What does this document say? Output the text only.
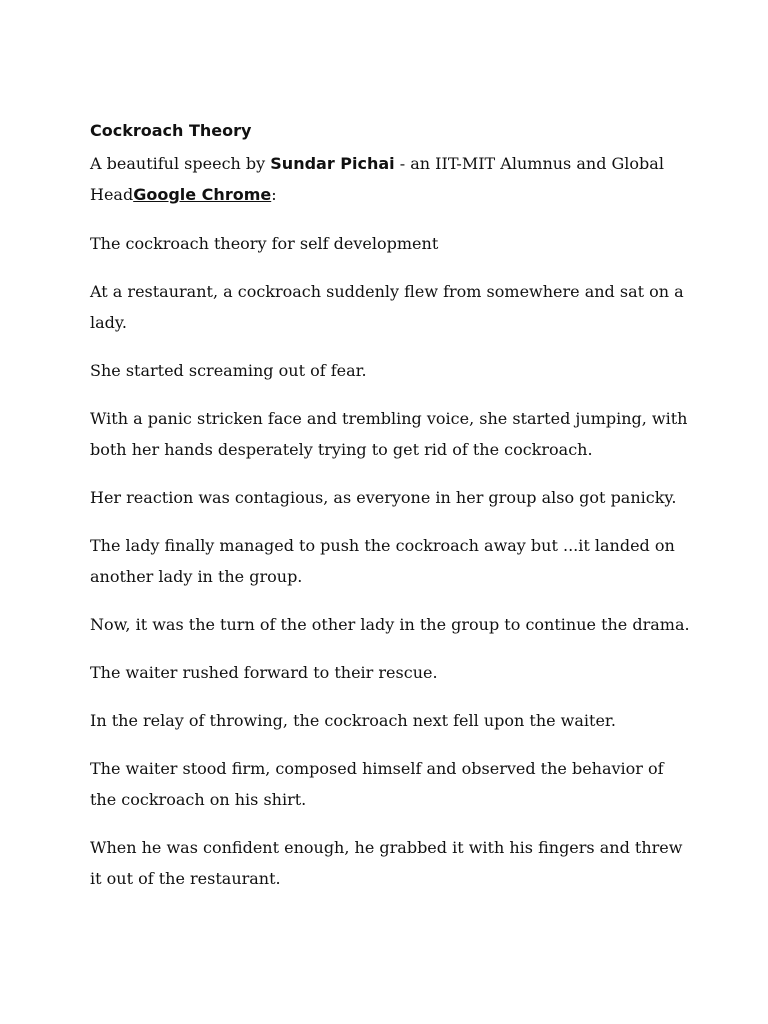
Cockroach Theory

A beautiful speech by Sundar Pichai - an IIT-MIT Alumnus and Global HeadGoogle Chrome:

The cockroach theory for self development

At a restaurant, a cockroach suddenly flew from somewhere and sat on a lady.

She started screaming out of fear.

With a panic stricken face and trembling voice, she started jumping, with both her hands desperately trying to get rid of the cockroach.

Her reaction was contagious, as everyone in her group also got panicky.

The lady finally managed to push the cockroach away but ...it landed on another lady in the group.

Now, it was the turn of the other lady in the group to continue the drama.

The waiter rushed forward to their rescue.

In the relay of throwing, the cockroach next fell upon the waiter.

The waiter stood firm, composed himself and observed the behavior of the cockroach on his shirt.

When he was confident enough, he grabbed it with his fingers and threw it out of the restaurant.
